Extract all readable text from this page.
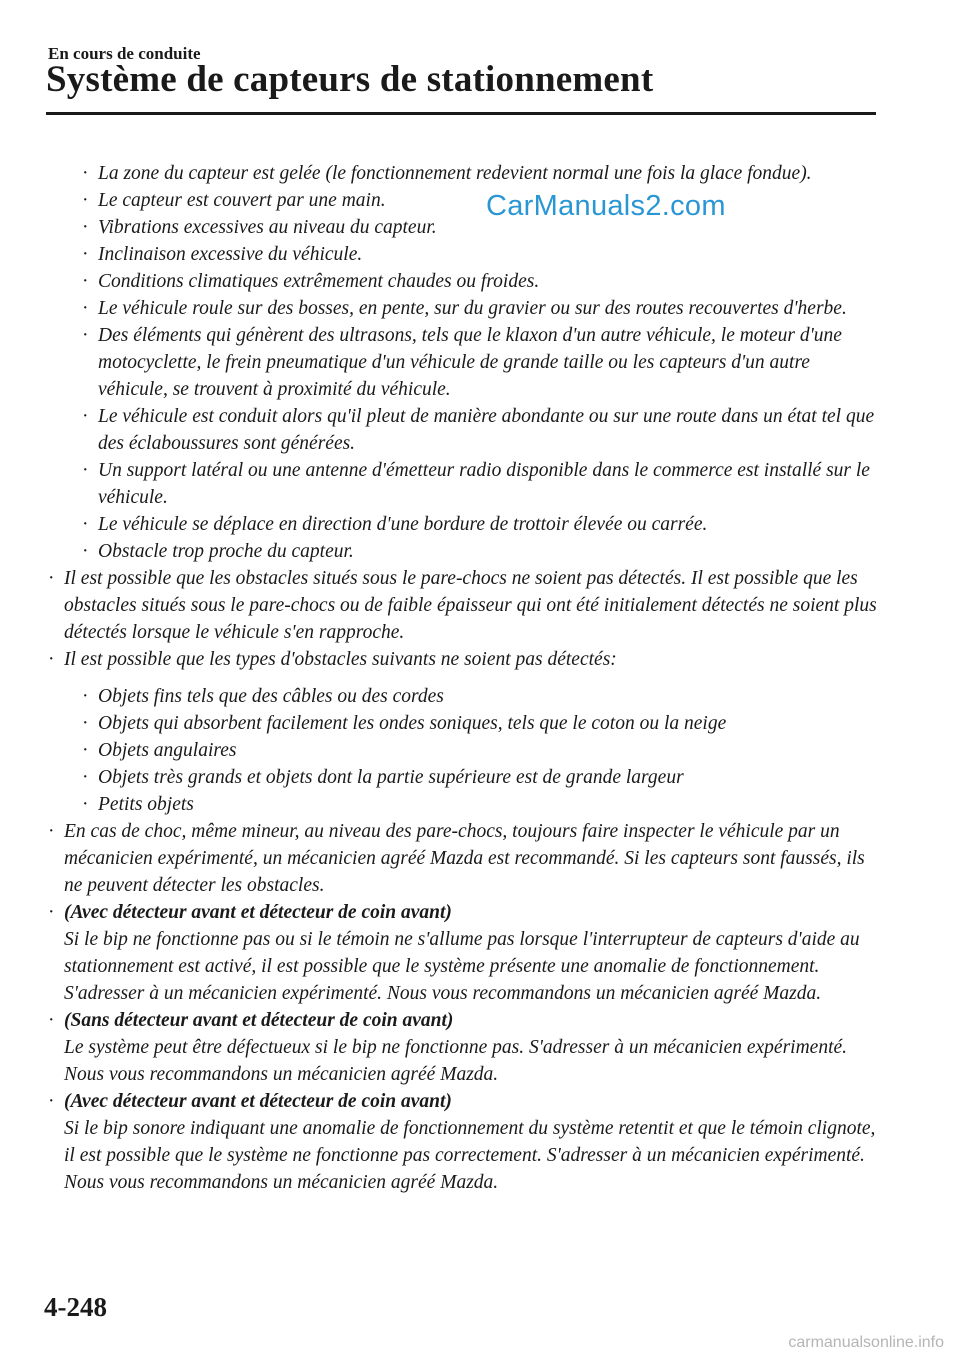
En cours de conduite
Système de capteurs de stationnement
CarManuals2.com
· La zone du capteur est gelée (le fonctionnement redevient normal une fois la glace fondue).
· Le capteur est couvert par une main.
· Vibrations excessives au niveau du capteur.
· Inclinaison excessive du véhicule.
· Conditions climatiques extrêmement chaudes ou froides.
· Le véhicule roule sur des bosses, en pente, sur du gravier ou sur des routes recouvertes d'herbe.
· Des éléments qui génèrent des ultrasons, tels que le klaxon d'un autre véhicule, le moteur d'une motocyclette, le frein pneumatique d'un véhicule de grande taille ou les capteurs d'un autre véhicule, se trouvent à proximité du véhicule.
· Le véhicule est conduit alors qu'il pleut de manière abondante ou sur une route dans un état tel que des éclaboussures sont générées.
· Un support latéral ou une antenne d'émetteur radio disponible dans le commerce est installé sur le véhicule.
· Le véhicule se déplace en direction d'une bordure de trottoir élevée ou carrée.
· Obstacle trop proche du capteur.
· Il est possible que les obstacles situés sous le pare-chocs ne soient pas détectés. Il est possible que les obstacles situés sous le pare-chocs ou de faible épaisseur qui ont été initialement détectés ne soient plus détectés lorsque le véhicule s'en rapproche.
· Il est possible que les types d'obstacles suivants ne soient pas détectés:
· Objets fins tels que des câbles ou des cordes
· Objets qui absorbent facilement les ondes soniques, tels que le coton ou la neige
· Objets angulaires
· Objets très grands et objets dont la partie supérieure est de grande largeur
· Petits objets
· En cas de choc, même mineur, au niveau des pare-chocs, toujours faire inspecter le véhicule par un mécanicien expérimenté, un mécanicien agréé Mazda est recommandé. Si les capteurs sont faussés, ils ne peuvent détecter les obstacles.
· (Avec détecteur avant et détecteur de coin avant)
Si le bip ne fonctionne pas ou si le témoin ne s'allume pas lorsque l'interrupteur de capteurs d'aide au stationnement est activé, il est possible que le système présente une anomalie de fonctionnement. S'adresser à un mécanicien expérimenté. Nous vous recommandons un mécanicien agréé Mazda.
· (Sans détecteur avant et détecteur de coin avant)
Le système peut être défectueux si le bip ne fonctionne pas. S'adresser à un mécanicien expérimenté. Nous vous recommandons un mécanicien agréé Mazda.
· (Avec détecteur avant et détecteur de coin avant)
Si le bip sonore indiquant une anomalie de fonctionnement du système retentit et que le témoin clignote, il est possible que le système ne fonctionne pas correctement. S'adresser à un mécanicien expérimenté. Nous vous recommandons un mécanicien agréé Mazda.
4-248
carmanualsonline.info
